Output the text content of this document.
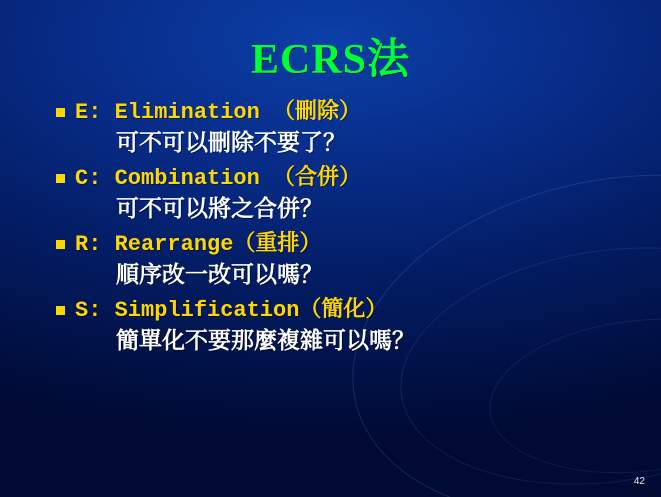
ECRS法
E: Elimination （刪除）
可不可以刪除不要了？
C: Combination （合併）
可不可以將之合併？
R: Rearrange（重排）
順序改一改可以嗎？
S: Simplification（簡化）
簡單化不要那麼複雜可以嗎？
42
